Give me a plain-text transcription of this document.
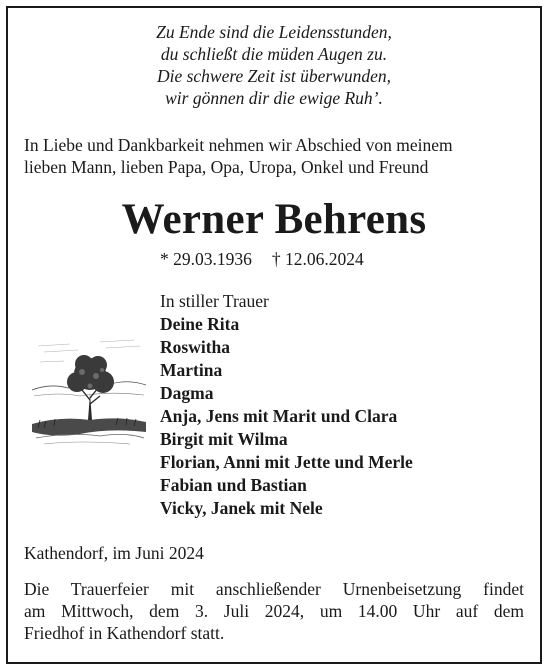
Zu Ende sind die Leidensstunden,
du schließt die müden Augen zu.
Die schwere Zeit ist überwunden,
wir gönnen dir die ewige Ruh’.
In Liebe und Dankbarkeit nehmen wir Abschied von meinem
lieben Mann, lieben Papa, Opa, Uropa, Onkel und Freund
Werner Behrens
* 29.03.1936 † 12.06.2024
In stiller Trauer
Deine Rita
Roswitha
Martina
Dagma
Anja, Jens mit Marit und Clara
Birgit mit Wilma
Florian, Anni mit Jette und Merle
Fabian und Bastian
Vicky, Janek mit Nele
Kathendorf, im Juni 2024
Die Trauerfeier mit anschließender Urnenbeisetzung findet
am Mittwoch, dem 3. Juli 2024, um 14.00 Uhr auf dem
Friedhof in Kathendorf statt.
